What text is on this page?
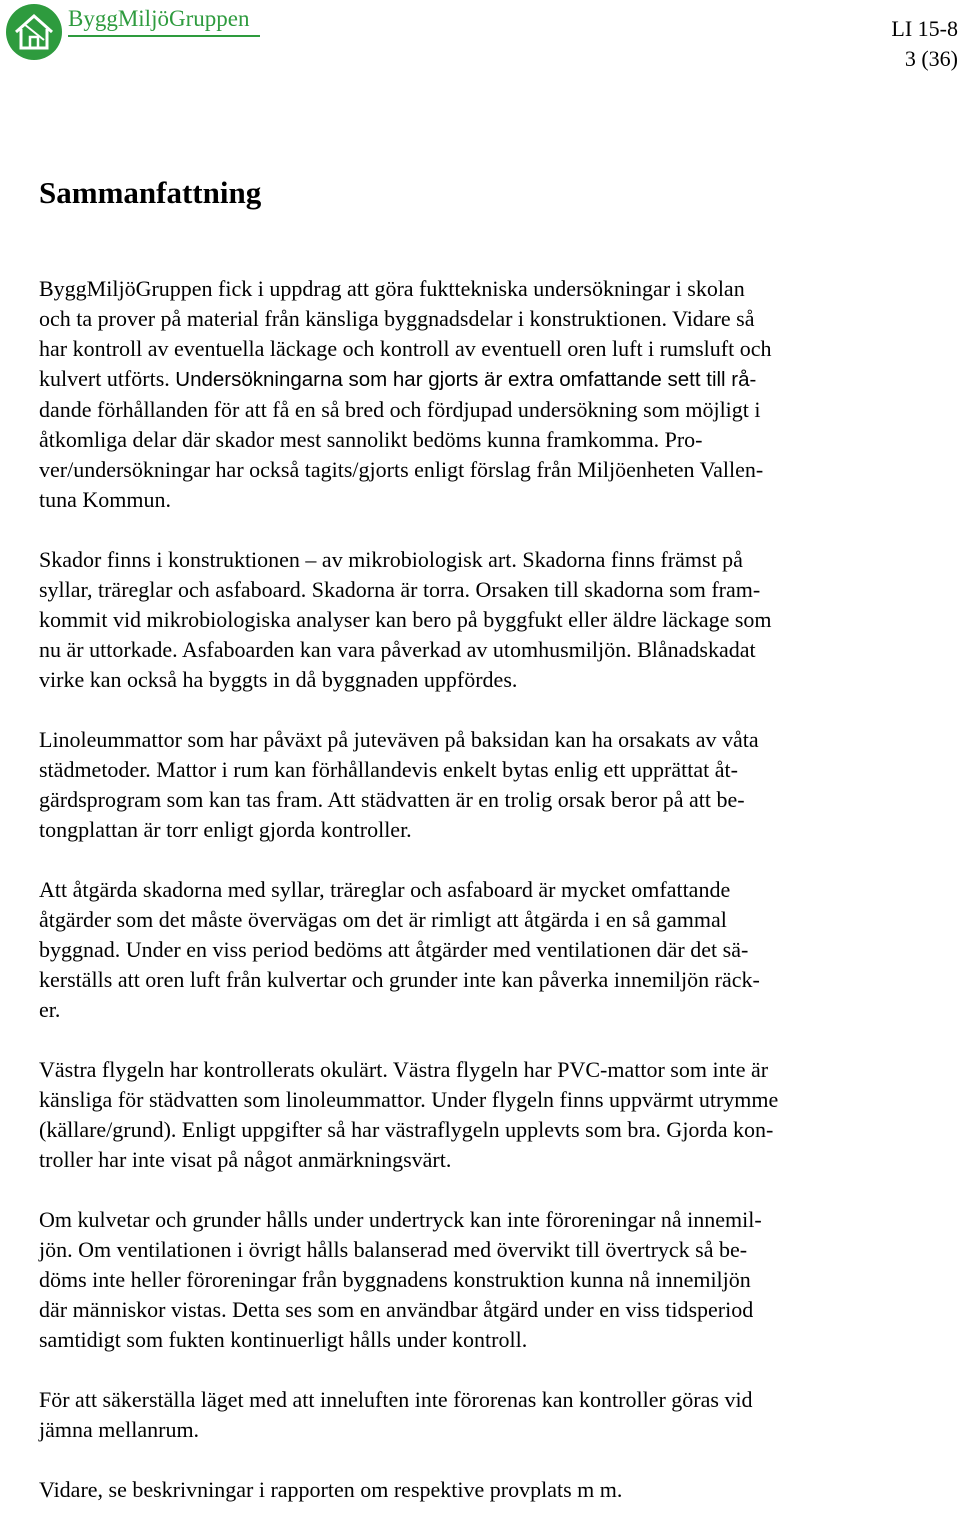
ByggMiljöGruppen	LI 15-8
3 (36)
Sammanfattning

ByggMiljöGruppen fick i uppdrag att göra fukttekniska undersökningar i skolan
och ta prover på material från känsliga byggnadsdelar i konstruktionen. Vidare så
har kontroll av eventuella läckage och kontroll av eventuell oren luft i rumsluft och
kulvert utförts. Undersökningarna som har gjorts är extra omfattande sett till rå-
dande förhållanden för att få en så bred och fördjupad undersökning som möjligt i
åtkomliga delar där skador mest sannolikt bedöms kunna framkomma. Pro-
ver/undersökningar har också tagits/gjorts enligt förslag från Miljöenheten Vallen-
tuna Kommun.

Skador finns i konstruktionen – av mikrobiologisk art. Skadorna finns främst på
syllar, träreglar och asfaboard. Skadorna är torra. Orsaken till skadorna som fram-
kommit vid mikrobiologiska analyser kan bero på byggfukt eller äldre läckage som
nu är uttorkade. Asfaboarden kan vara påverkad av utomhusmiljön. Blånadskadat
virke kan också ha byggts in då byggnaden uppfördes.

Linoleummattor som har påväxt på juteväven på baksidan kan ha orsakats av våta
städmetoder. Mattor i rum kan förhållandevis enkelt bytas enlig ett upprättat åt-
gärdsprogram som kan tas fram. Att städvatten är en trolig orsak beror på att be-
tongplattan är torr enligt gjorda kontroller.

Att åtgärda skadorna med syllar, träreglar och asfaboard är mycket omfattande
åtgärder som det måste övervägas om det är rimligt att åtgärda i en så gammal
byggnad. Under en viss period bedöms att åtgärder med ventilationen där det sä-
kerställs att oren luft från kulvertar och grunder inte kan påverka innemiljön räck-
er.

Västra flygeln har kontrollerats okulärt. Västra flygeln har PVC-mattor som inte är
känsliga för städvatten som linoleummattor. Under flygeln finns uppvärmt utrymme
(källare/grund). Enligt uppgifter så har västraflygeln upplevts som bra. Gjorda kon-
troller har inte visat på något anmärkningsvärt.

Om kulvetar och grunder hålls under undertryck kan inte föroreningar nå innemil-
jön. Om ventilationen i övrigt hålls balanserad med övervikt till övertryck så be-
döms inte heller föroreningar från byggnadens konstruktion kunna nå innemiljön
där människor vistas. Detta ses som en användbar åtgärd under en viss tidsperiod
samtidigt som fukten kontinuerligt hålls under kontroll.

För att säkerställa läget med att inneluften inte förorenas kan kontroller göras vid
jämna mellanrum.

Vidare, se beskrivningar i rapporten om respektive provplats m m.
